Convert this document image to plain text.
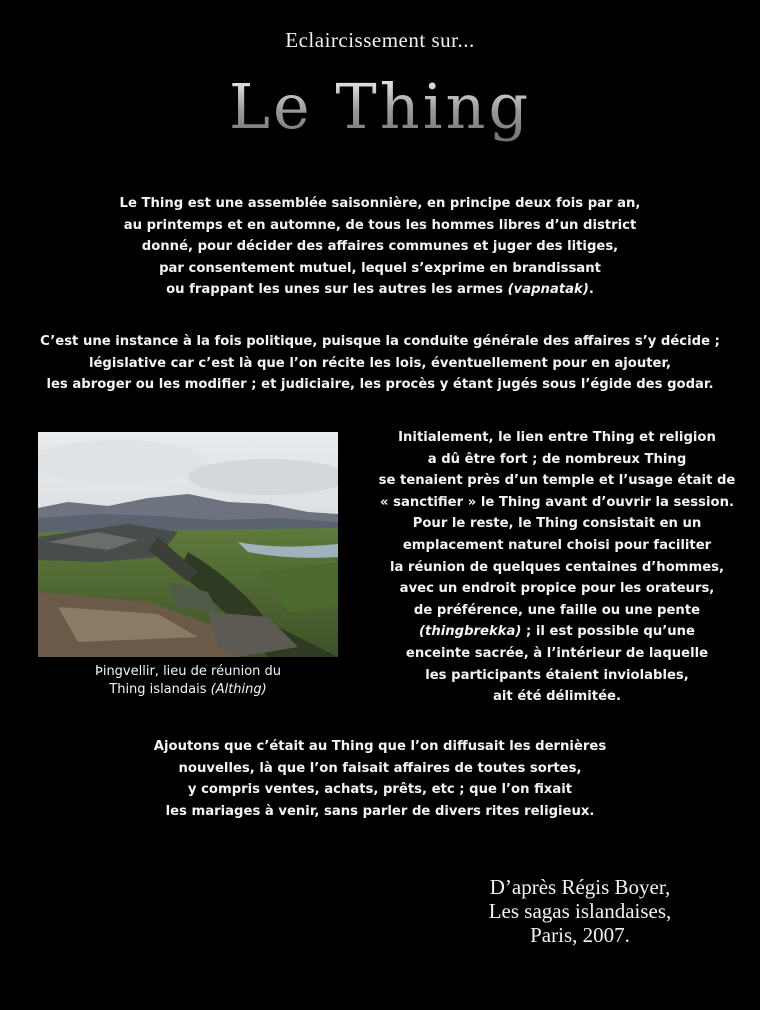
Eclaircissement sur...
Le Thing
Le Thing est une assemblée saisonnière, en principe deux fois par an,
au printemps et en automne, de tous les hommes libres d’un district
donné, pour décider des affaires communes et juger des litiges,
par consentement mutuel, lequel s’exprime en brandissant
ou frappant les unes sur les autres les armes (vapnatak).
C’est une instance à la fois politique, puisque la conduite générale des affaires s’y décide ;
législative car c’est là que l’on récite les lois, éventuellement pour en ajouter,
les abroger ou les modifier ; et judiciaire, les procès y étant jugés sous l’égide des godar.
Þingvellir, lieu de réunion du
Thing islandais (Althing)
Initialement, le lien entre Thing et religion
a dû être fort ; de nombreux Thing
se tenaient près d’un temple et l’usage était de
« sanctifier » le Thing avant d’ouvrir la session.
Pour le reste, le Thing consistait en un
emplacement naturel choisi pour faciliter
la réunion de quelques centaines d’hommes,
avec un endroit propice pour les orateurs,
de préférence, une faille ou une pente
(thingbrekka) ; il est possible qu’une
enceinte sacrée, à l’intérieur de laquelle
les participants étaient inviolables,
ait été délimitée.
Ajoutons que c’était au Thing que l’on diffusait les dernières
nouvelles, là que l’on faisait affaires de toutes sortes,
y compris ventes, achats, prêts, etc ; que l’on fixait
les mariages à venir, sans parler de divers rites religieux.
D’après Régis Boyer,
Les sagas islandaises,
Paris, 2007.
